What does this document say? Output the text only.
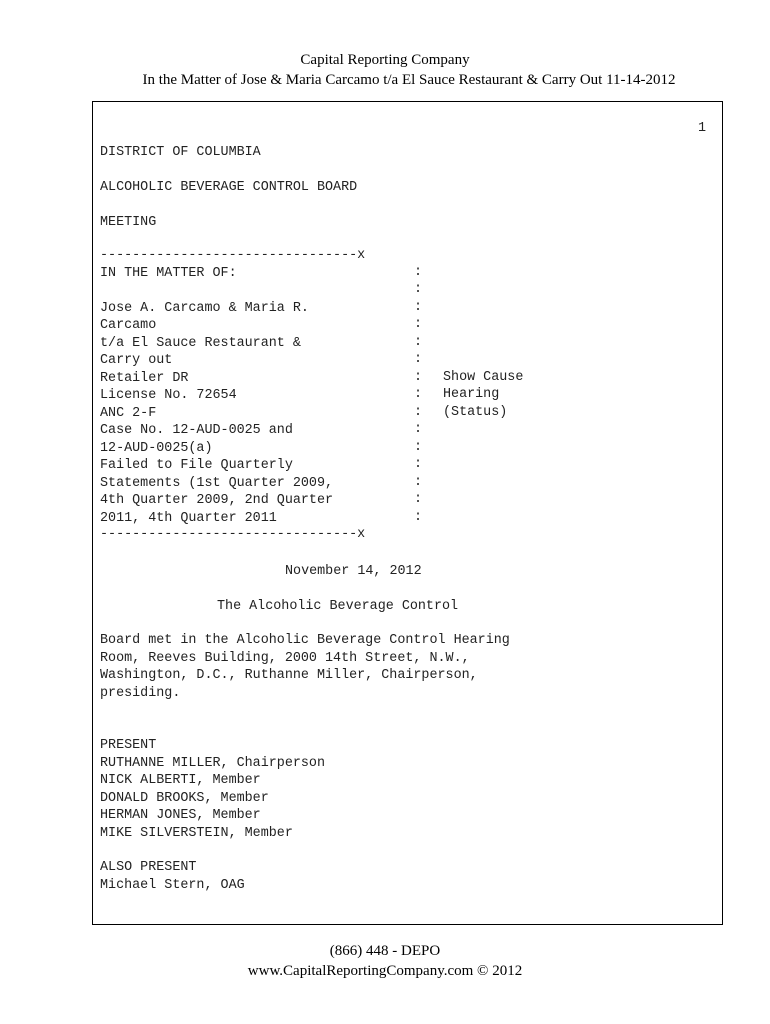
Capital Reporting Company
In the Matter of Jose & Maria Carcamo t/a El Sauce Restaurant & Carry Out 11-14-2012
1
DISTRICT OF COLUMBIA
ALCOHOLIC BEVERAGE CONTROL BOARD
MEETING
--------------------------------x
IN THE MATTER OF:
Jose A. Carcamo & Maria R.
Carcamo
t/a El Sauce Restaurant &
Carry out
Retailer DR
License No. 72654
ANC 2-F
Case No. 12-AUD-0025 and
12-AUD-0025(a)
Failed to File Quarterly
Statements (1st Quarter 2009,
4th Quarter 2009, 2nd Quarter
2011, 4th Quarter 2011
:
:
:
:
:
:
:
:
:
:
:
:
:
:
:
Show Cause
Hearing
(Status)
--------------------------------x
November 14, 2012
The Alcoholic Beverage Control
Board met in the Alcoholic Beverage Control Hearing
Room, Reeves Building, 2000 14th Street, N.W.,
Washington, D.C., Ruthanne Miller, Chairperson,
presiding.
PRESENT
RUTHANNE MILLER, Chairperson
NICK ALBERTI, Member
DONALD BROOKS, Member
HERMAN JONES, Member
MIKE SILVERSTEIN, Member
ALSO PRESENT
Michael Stern, OAG
(866) 448 - DEPO
www.CapitalReportingCompany.com © 2012
